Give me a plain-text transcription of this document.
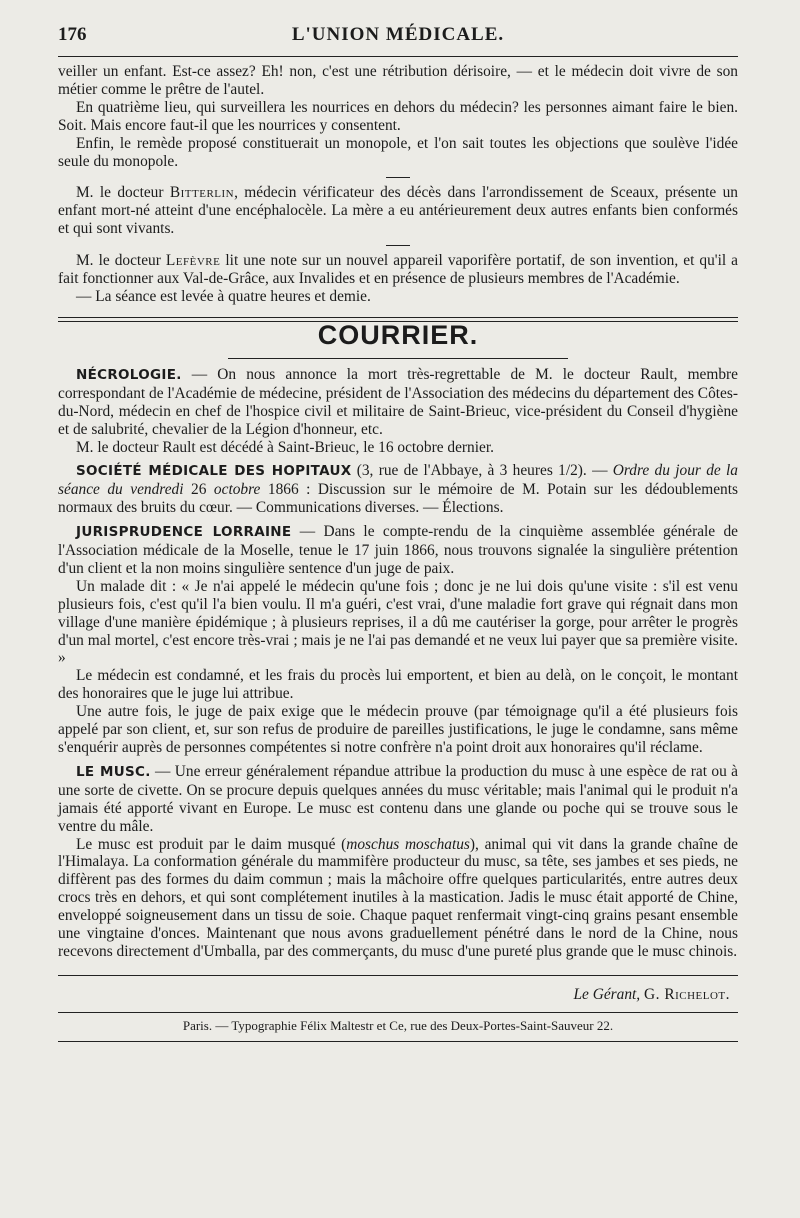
176	L'UNION MÉDICALE.

veiller un enfant. Est-ce assez? Eh! non, c'est une rétribution dérisoire, — et le médecin doit vivre de son métier comme le prêtre de l'autel.

En quatrième lieu, qui surveillera les nourrices en dehors du médecin? les personnes aimant faire le bien. Soit. Mais encore faut-il que les nourrices y consentent.

Enfin, le remède proposé constituerait un monopole, et l'on sait toutes les objections que soulève l'idée seule du monopole.

M. le docteur Bitterlin, médecin vérificateur des décès dans l'arrondissement de Sceaux, présente un enfant mort-né atteint d'une encéphalocèle. La mère a eu antérieurement deux autres enfants bien conformés et qui sont vivants.

M. le docteur Lefèvre lit une note sur un nouvel appareil vaporifère portatif, de son invention, et qu'il a fait fonctionner aux Val-de-Grâce, aux Invalides et en présence de plusieurs membres de l'Académie.

— La séance est levée à quatre heures et demie.

COURRIER.

NÉCROLOGIE. — On nous annonce la mort très-regrettable de M. le docteur Rault, membre correspondant de l'Académie de médecine, président de l'Association des médecins du département des Côtes-du-Nord, médecin en chef de l'hospice civil et militaire de Saint-Brieuc, vice-président du Conseil d'hygiène et de salubrité, chevalier de la Légion d'honneur, etc.

M. le docteur Rault est décédé à Saint-Brieuc, le 16 octobre dernier.

SOCIÉTÉ MÉDICALE DES HOPITAUX (3, rue de l'Abbaye, à 3 heures 1/2). — Ordre du jour de la séance du vendredi 26 octobre 1866 : Discussion sur le mémoire de M. Potain sur les dédoublements normaux des bruits du cœur. — Communications diverses. — Élections.

JURISPRUDENCE LORRAINE — Dans le compte-rendu de la cinquième assemblée générale de l'Association médicale de la Moselle, tenue le 17 juin 1866, nous trouvons signalée la singulière prétention d'un client et la non moins singulière sentence d'un juge de paix.

Un malade dit : « Je n'ai appelé le médecin qu'une fois ; donc je ne lui dois qu'une visite : s'il est venu plusieurs fois, c'est qu'il l'a bien voulu. Il m'a guéri, c'est vrai, d'une maladie fort grave qui régnait dans mon village d'une manière épidémique ; à plusieurs reprises, il a dû me cautériser la gorge, pour arrêter le progrès d'un mal mortel, c'est encore très-vrai ; mais je ne l'ai pas demandé et ne veux lui payer que sa première visite. »

Le médecin est condamné, et les frais du procès lui emportent, et bien au delà, on le conçoit, le montant des honoraires que le juge lui attribue.

Une autre fois, le juge de paix exige que le médecin prouve (par témoignage qu'il a été plusieurs fois appelé par son client, et, sur son refus de produire de pareilles justifications, le juge le condamne, sans même s'enquérir auprès de personnes compétentes si notre confrère n'a point droit aux honoraires qu'il réclame.

LE MUSC. — Une erreur généralement répandue attribue la production du musc à une espèce de rat ou à une sorte de civette. On se procure depuis quelques années du musc véritable; mais l'animal qui le produit n'a jamais été apporté vivant en Europe. Le musc est contenu dans une glande ou poche qui se trouve sous le ventre du mâle.

Le musc est produit par le daim musqué (moschus moschatus), animal qui vit dans la grande chaîne de l'Himalaya. La conformation générale du mammifère producteur du musc, sa tête, ses jambes et ses pieds, ne diffèrent pas des formes du daim commun ; mais la mâchoire offre quelques particularités, entre autres deux crocs très en dehors, et qui sont complétement inutiles à la mastication. Jadis le musc était apporté de Chine, enveloppé soigneusement dans un tissu de soie. Chaque paquet renfermait vingt-cinq grains pesant ensemble une vingtaine d'onces. Maintenant que nous avons graduellement pénétré dans le nord de la Chine, nous recevons directement d'Umballa, par des commerçants, du musc d'une pureté plus grande que le musc chinois.

Le Gérant, G. Richelot.
Paris. — Typographie Félix Maltestr et Ce, rue des Deux-Portes-Saint-Sauveur 22.
